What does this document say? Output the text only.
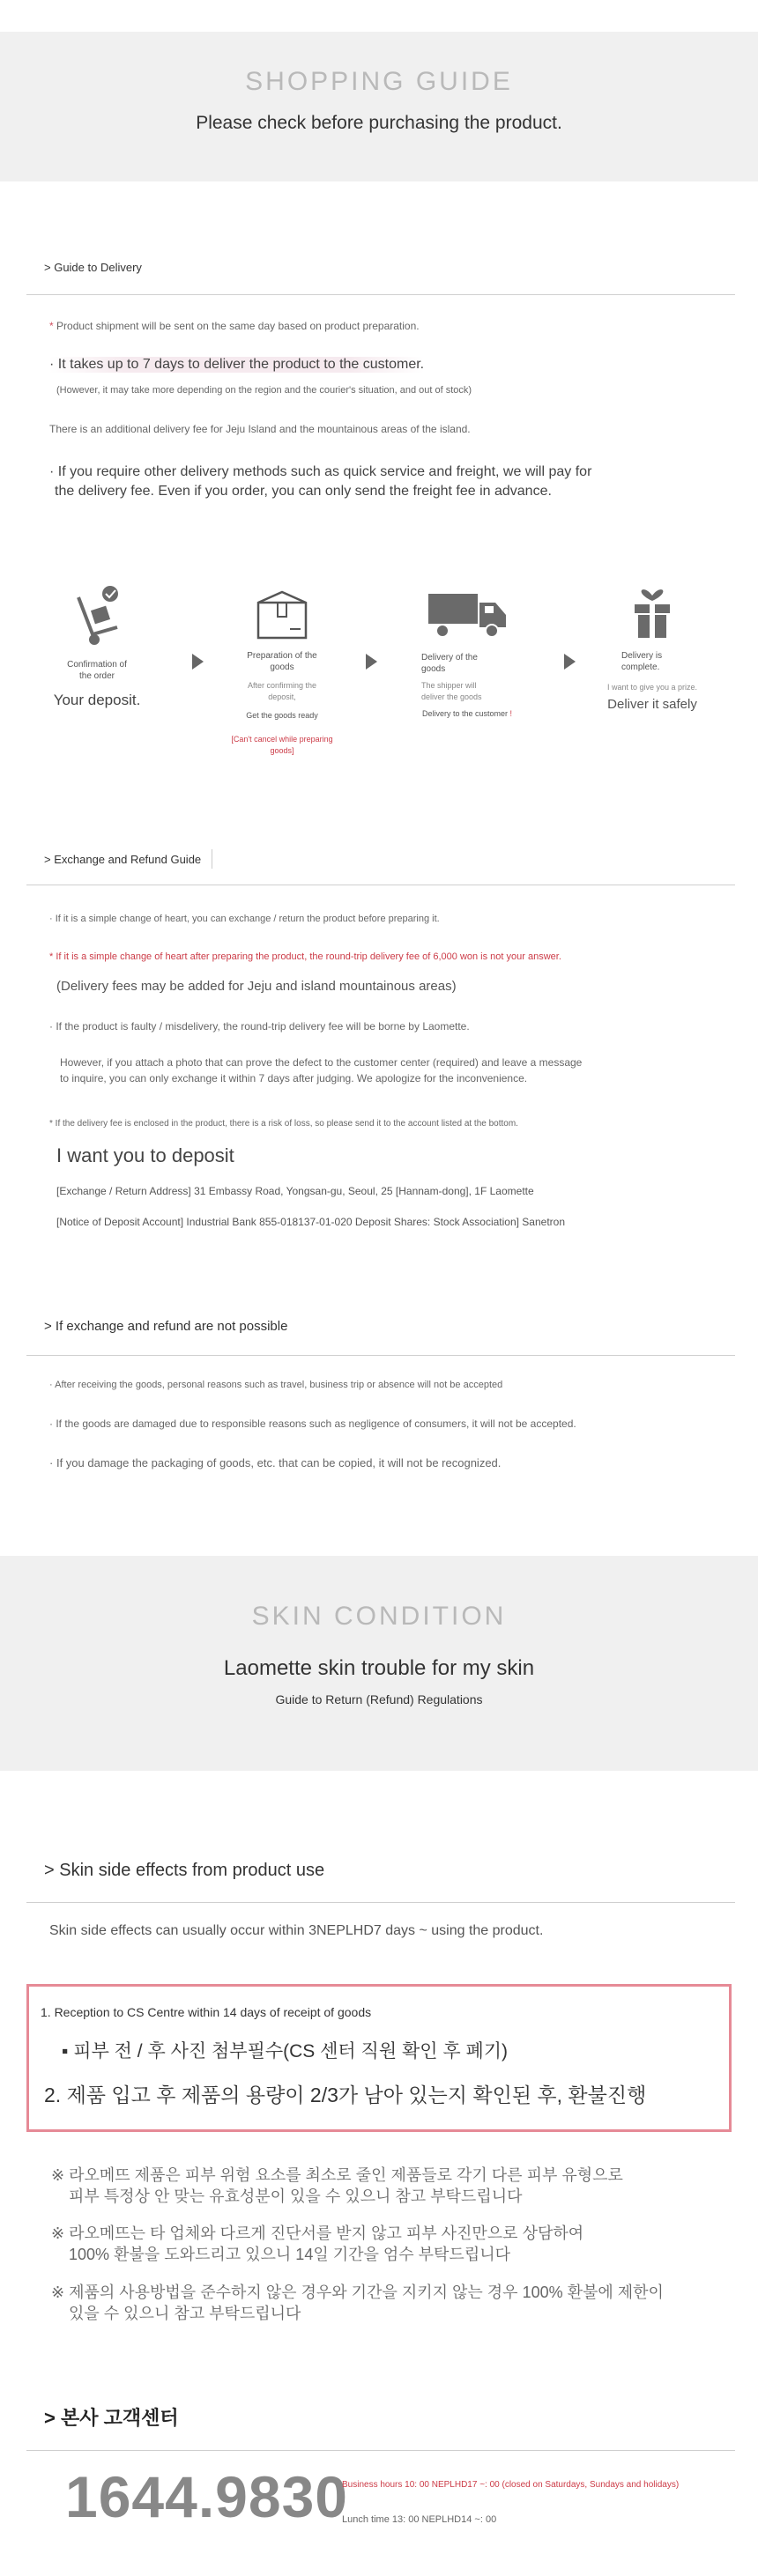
SHOPPING GUIDE
Please check before purchasing the product.
> Guide to Delivery
* Product shipment will be sent on the same day based on product preparation.
· It takes up to 7 days to deliver the product to the customer.
(However, it may take more depending on the region and the courier's situation, and out of stock)
There is an additional delivery fee for Jeju Island and the mountainous areas of the island.
· If you require other delivery methods such as quick service and freight, we will pay for
the delivery fee. Even if you order, you can only send the freight fee in advance.
Confirmation of the order
Your deposit.
Preparation of the goods
After confirming the deposit,
Get the goods ready
[Can't cancel while preparing goods]
Delivery of the goods
The shipper will deliver the goods
Delivery to the customer !
Delivery is complete.
I want to give you a prize.
Deliver it safely
> Exchange and Refund Guide
· If it is a simple change of heart, you can exchange / return the product before preparing it.
* If it is a simple change of heart after preparing the product, the round-trip delivery fee of 6,000 won is not your answer.
(Delivery fees may be added for Jeju and island mountainous areas)
· If the product is faulty / misdelivery, the round-trip delivery fee will be borne by Laomette.
However, if you attach a photo that can prove the defect to the customer center (required) and leave a message
to inquire, you can only exchange it within 7 days after judging. We apologize for the inconvenience.
* If the delivery fee is enclosed in the product, there is a risk of loss, so please send it to the account listed at the bottom.
I want you to deposit
[Exchange / Return Address] 31 Embassy Road, Yongsan-gu, Seoul, 25 [Hannam-dong], 1F Laomette
[Notice of Deposit Account] Industrial Bank 855-018137-01-020 Deposit Shares: Stock Association] Sanetron
> If exchange and refund are not possible
· After receiving the goods, personal reasons such as travel, business trip or absence will not be accepted
· If the goods are damaged due to responsible reasons such as negligence of consumers, it will not be accepted.
· If you damage the packaging of goods, etc. that can be copied, it will not be recognized.
SKIN CONDITION
Laomette skin trouble for my skin
Guide to Return (Refund) Regulations
> Skin side effects from product use
Skin side effects can usually occur within 3NEPLHD7 days ~ using the product.
1. Reception to CS Centre within 14 days of receipt of goods
▪ 피부 전 / 후 사진 첨부필수(CS 센터 직원 확인 후 폐기)
2. 제품 입고 후 제품의 용량이 2/3가 남아 있는지 확인된 후, 환불진행
※ 라오메뜨 제품은 피부 위험 요소를 최소로 줄인 제품들로 각기 다른 피부 유형으로
피부 특정상 안 맞는 유효성분이 있을 수 있으니 참고 부탁드립니다
※ 라오메뜨는 타 업체와 다르게 진단서를 받지 않고 피부 사진만으로 상담하여
100% 환불을 도와드리고 있으니 14일 기간을 엄수 부탁드립니다
※ 제품의 사용방법을 준수하지 않은 경우와 기간을 지키지 않는 경우 100% 환불에 제한이
있을 수 있으니 참고 부탁드립니다
> 본사 고객센터
1644.9830
Business hours 10: 00 NEPLHD17 ~: 00 (closed on Saturdays, Sundays and holidays)
Lunch time 13: 00 NEPLHD14 ~: 00
